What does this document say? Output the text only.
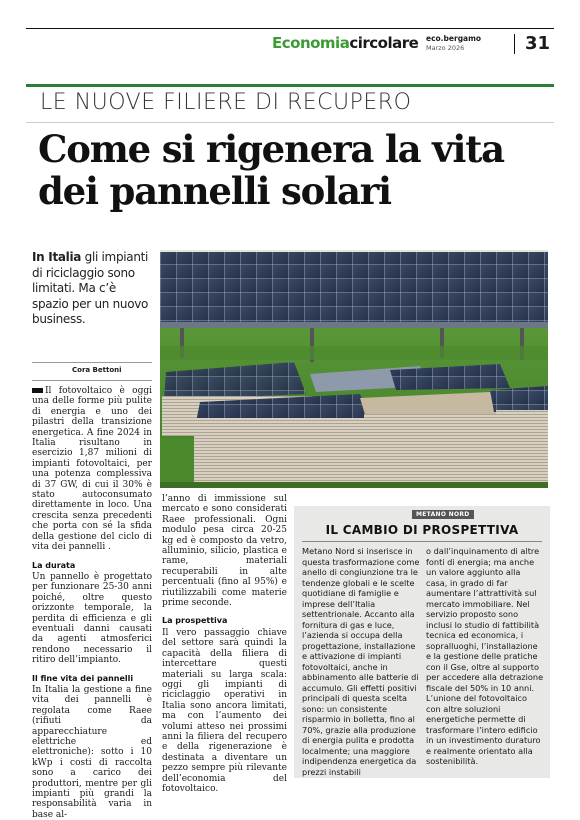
Economiacircolare eco.bergamo
Marzo 2026	31
LE NUOVE FILIERE DI RECUPERO
Come si rigenera la vita
dei pannelli solari
In Italia gli impianti di riciclaggio sono limitati. Ma c’è spazio per un nuovo business.
Cora Bettoni

Il fotovoltaico è oggi una delle forme più pulite di energia e uno dei pilastri della transizione energetica. A fine 2024 in Italia risultano in esercizio 1,87 milioni di impianti fotovoltaici, per una potenza complessiva di 37 GW, di cui il 30% è stato autoconsumato direttamente in loco. Una crescita senza precedenti che porta con sé la sfida della gestione del ciclo di vita dei pannelli .

La durata

Un pannello è progettato per funzionare 25-30 anni poiché, oltre questo orizzonte temporale, la perdita di efficienza e gli eventuali danni causati da agenti atmosferici rendono necessario il ritiro dell’impianto.

Il fine vita dei pannelli

In Italia la gestione a fine vita dei pannelli è regolata come Raee (rifiuti da apparecchiature elettriche ed elettroniche): sotto i 10 kWp i costi di raccolta sono a carico dei produttori, mentre per gli impianti più grandi la responsabilità varia in base al-

l’anno di immissione sul mercato e sono considerati Raee professionali. Ogni modulo pesa circa 20-25 kg ed è composto da vetro, alluminio, silicio, plastica e rame, materiali recuperabili in alte percentuali (fino al 95%) e riutilizzabili come materie prime seconde.

La prospettiva

Il vero passaggio chiave del settore sarà quindi la capacità della filiera di intercettare questi materiali su larga scala: oggi gli impianti di riciclaggio operativi in Italia sono ancora limitati, ma con l’aumento dei volumi atteso nei prossimi anni la filiera del recupero e della rigenerazione è destinata a diventare un pezzo sempre più rilevante dell’economia del fotovoltaico.

METANO NORD
IL CAMBIO DI PROSPETTIVA
Metano Nord si inserisce in questa trasformazione come anello di congiunzione tra le tendenze globali e le scelte quotidiane di famiglie e imprese dell’Italia settentrionale. Accanto alla fornitura di gas e luce, l’azienda si occupa della progettazione, installazione e attivazione di impianti fotovoltaici, anche in abbinamento alle batterie di accumulo. Gli effetti positivi principali di questa scelta sono: un consistente risparmio in bolletta, fino al 70%, grazie alla produzione di energia pulita e prodotta localmente; una maggiore indipendenza energetica da prezzi instabili
o dall’inquinamento di altre fonti di energia; ma anche un valore aggiunto alla casa, in grado di far aumentare l’attrattività sul mercato immobiliare. Nel servizio proposto sono inclusi lo studio di fattibilità tecnica ed economica, i sopralluoghi, l’installazione e la gestione delle pratiche con il Gse, oltre al supporto per accedere alla detrazione fiscale del 50% in 10 anni. L’unione del fotovoltaico con altre soluzioni energetiche permette di trasformare l’intero edificio in un investimento duraturo e realmente orientato alla sostenibilità.
